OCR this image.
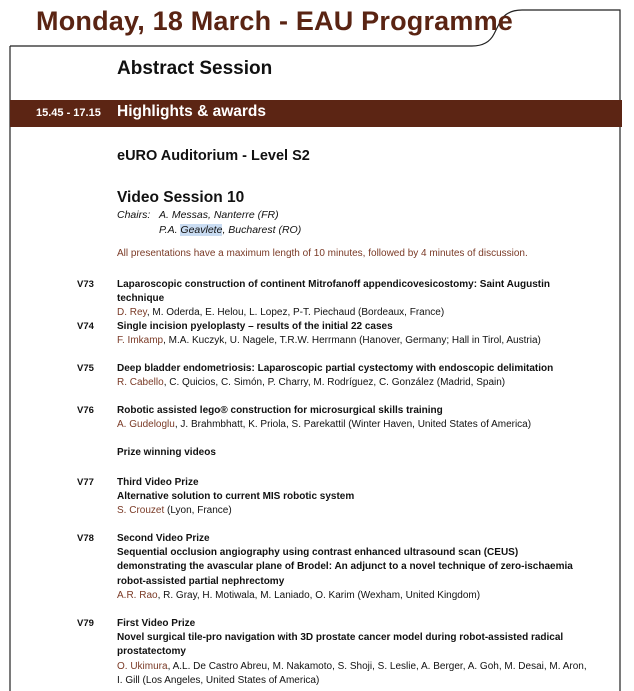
Monday, 18 March - EAU Programme
Abstract Session
15.45 - 17.15 Highlights & awards
eURO Auditorium - Level S2
Video Session 10
Chairs: A. Messas, Nanterre (FR)
P.A. Geavlete, Bucharest (RO)
All presentations have a maximum length of 10 minutes, followed by 4 minutes of discussion.
V73 Laparoscopic construction of continent Mitrofanoff appendicovesicostomy: Saint Augustin technique
D. Rey, M. Oderda, E. Helou, L. Lopez, P-T. Piechaud (Bordeaux, France)
V74 Single incision pyeloplasty – results of the initial 22 cases
F. Imkamp, M.A. Kuczyk, U. Nagele, T.R.W. Herrmann (Hanover, Germany; Hall in Tirol, Austria)
V75 Deep bladder endometriosis: Laparoscopic partial cystectomy with endoscopic delimitation
R. Cabello, C. Quicios, C. Simón, P. Charry, M. Rodríguez, C. González (Madrid, Spain)
V76 Robotic assisted lego® construction for microsurgical skills training
A. Gudeloglu, J. Brahmbhatt, K. Priola, S. Parekattil (Winter Haven, United States of America)
Prize winning videos
V77 Third Video Prize
Alternative solution to current MIS robotic system
S. Crouzet (Lyon, France)
V78 Second Video Prize
Sequential occlusion angiography using contrast enhanced ultrasound scan (CEUS) demonstrating the avascular plane of Brodel: An adjunct to a novel technique of zero-ischaemia robot-assisted partial nephrectomy
A.R. Rao, R. Gray, H. Motiwala, M. Laniado, O. Karim (Wexham, United Kingdom)
V79 First Video Prize
Novel surgical tile-pro navigation with 3D prostate cancer model during robot-assisted radical prostatectomy
O. Ukimura, A.L. De Castro Abreu, M. Nakamoto, S. Shoji, S. Leslie, A. Berger, A. Goh, M. Desai, M. Aron, I. Gill (Los Angeles, United States of America)
